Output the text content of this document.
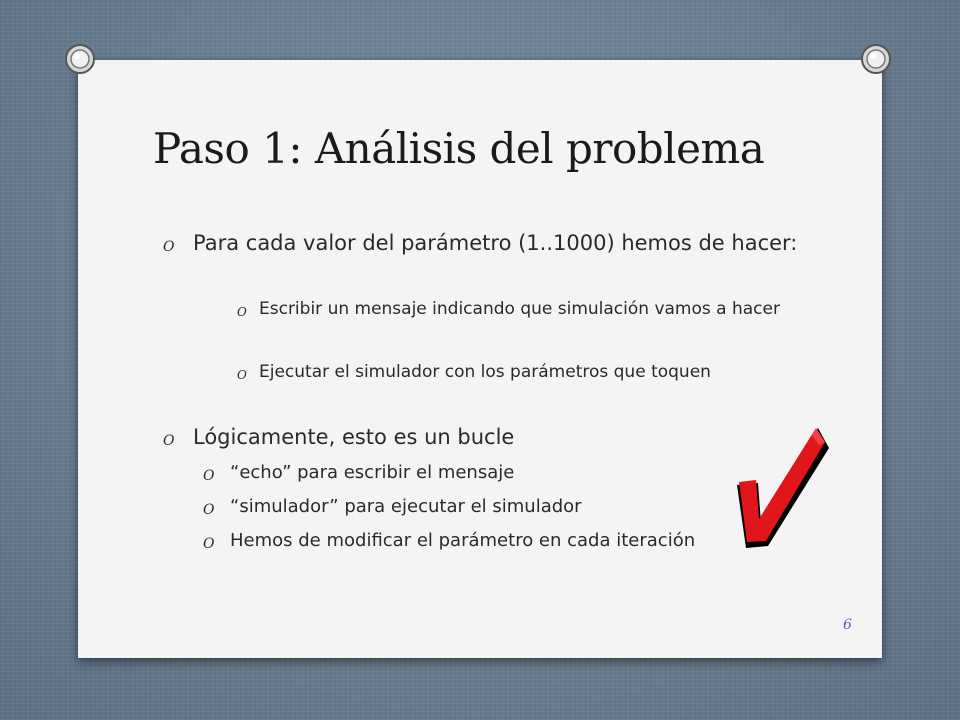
Paso 1: Análisis del problema
O Para cada valor del parámetro (1..1000) hemos de hacer:
O Escribir un mensaje indicando que simulación vamos a hacer
O Ejecutar el simulador con los parámetros que toquen
O Lógicamente, esto es un bucle
O “echo” para escribir el mensaje
O “simulador” para ejecutar el simulador
O Hemos de modificar el parámetro en cada iteración
6
